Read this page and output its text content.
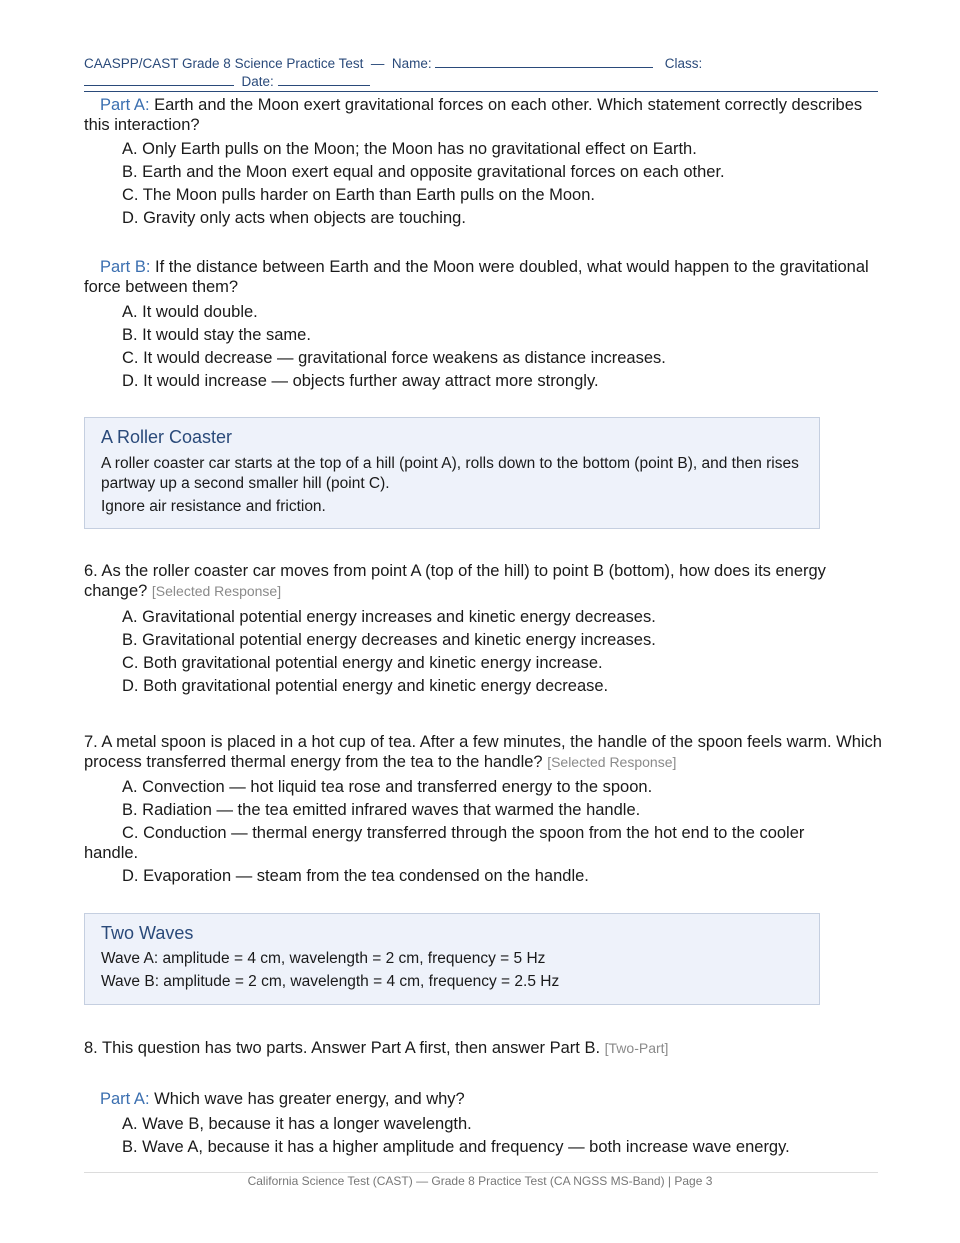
CAASPP/CAST Grade 8 Science Practice Test — Name:	Class:
Date:
Part A: Earth and the Moon exert gravitational forces on each other. Which statement correctly describes this interaction?
A. Only Earth pulls on the Moon; the Moon has no gravitational effect on Earth.
B. Earth and the Moon exert equal and opposite gravitational forces on each other.
C. The Moon pulls harder on Earth than Earth pulls on the Moon.
D. Gravity only acts when objects are touching.
Part B: If the distance between Earth and the Moon were doubled, what would happen to the gravitational force between them?
A. It would double.
B. It would stay the same.
C. It would decrease — gravitational force weakens as distance increases.
D. It would increase — objects further away attract more strongly.
A Roller Coaster
A roller coaster car starts at the top of a hill (point A), rolls down to the bottom (point B), and then rises partway up a second smaller hill (point C).
Ignore air resistance and friction.
6. As the roller coaster car moves from point A (top of the hill) to point B (bottom), how does its energy change? [Selected Response]
A. Gravitational potential energy increases and kinetic energy decreases.
B. Gravitational potential energy decreases and kinetic energy increases.
C. Both gravitational potential energy and kinetic energy increase.
D. Both gravitational potential energy and kinetic energy decrease.
7. A metal spoon is placed in a hot cup of tea. After a few minutes, the handle of the spoon feels warm. Which process transferred thermal energy from the tea to the handle? [Selected Response]
A. Convection — hot liquid tea rose and transferred energy to the spoon.
B. Radiation — the tea emitted infrared waves that warmed the handle.
C. Conduction — thermal energy transferred through the spoon from the hot end to the cooler handle.
D. Evaporation — steam from the tea condensed on the handle.
Two Waves
Wave A: amplitude = 4 cm, wavelength = 2 cm, frequency = 5 Hz
Wave B: amplitude = 2 cm, wavelength = 4 cm, frequency = 2.5 Hz
8. This question has two parts. Answer Part A first, then answer Part B. [Two-Part]
Part A: Which wave has greater energy, and why?
A. Wave B, because it has a longer wavelength.
B. Wave A, because it has a higher amplitude and frequency — both increase wave energy.
California Science Test (CAST) — Grade 8 Practice Test (CA NGSS MS-Band) | Page 3
